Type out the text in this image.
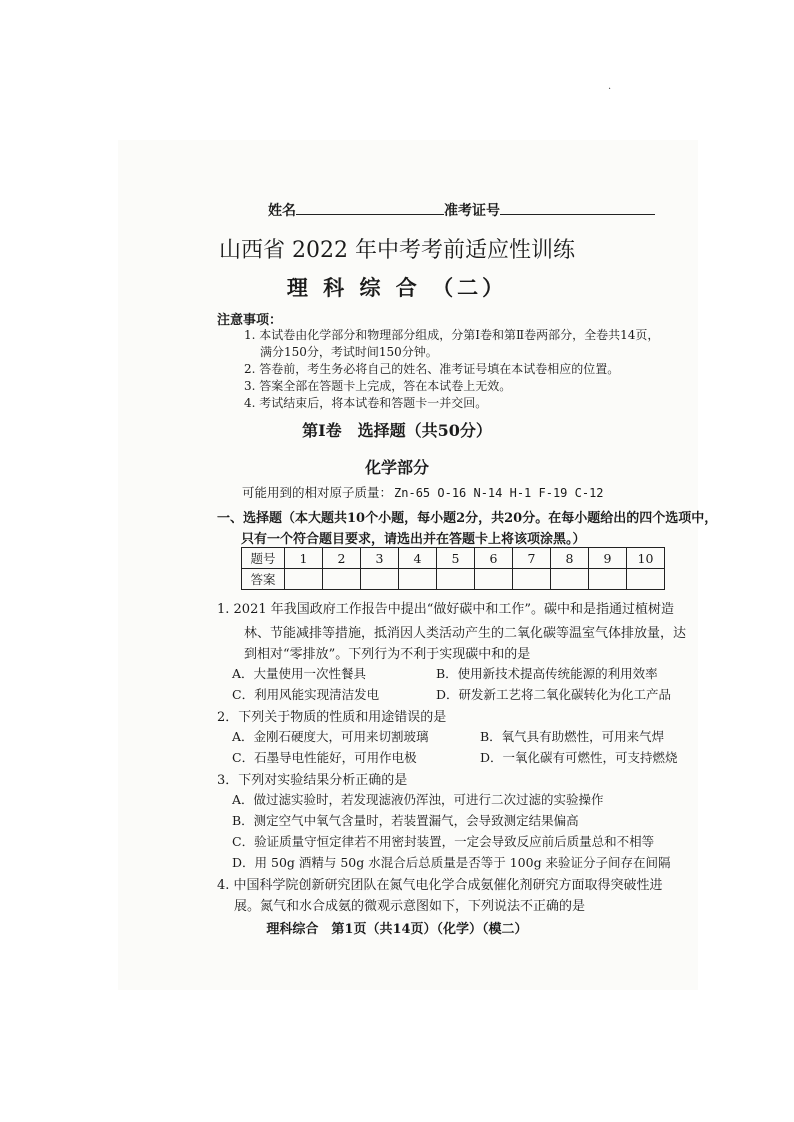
·
姓名	准考证号
山西省 2022 年中考考前适应性训练
理 科 综 合 （二）
注意事项：
1. 本试卷由化学部分和物理部分组成，分第Ⅰ卷和第Ⅱ卷两部分，全卷共14页，
满分150分，考试时间150分钟。
2. 答卷前，考生务必将自己的姓名、准考证号填在本试卷相应的位置。
3. 答案全部在答题卡上完成，答在本试卷上无效。
4. 考试结束后，将本试卷和答题卡一并交回。
第Ⅰ卷　选择题（共50分）
化学部分
可能用到的相对原子质量： Zn-65 O-16 N-14 H-1 F-19 C-12
一、选择题（本大题共10个小题，每小题2分，共20分。在每小题给出的四个选项中，
只有一个符合题目要求，请选出并在答题卡上将该项涂黑。）
题号	1	2	3	4	5	6	7	8	9	10
答案										
1. 2021 年我国政府工作报告中提出“做好碳中和工作”。碳中和是指通过植树造
林、节能减排等措施，抵消因人类活动产生的二氧化碳等温室气体排放量，达
到相对“零排放”。下列行为不利于实现碳中和的是
A．大量使用一次性餐具	B．使用新技术提高传统能源的利用效率
C．利用风能实现清洁发电	D．研发新工艺将二氧化碳转化为化工产品
2．下列关于物质的性质和用途错误的是
A．金刚石硬度大，可用来切割玻璃	B．氧气具有助燃性，可用来气焊
C．石墨导电性能好，可用作电极	D．一氧化碳有可燃性，可支持燃烧
3．下列对实验结果分析正确的是
A．做过滤实验时，若发现滤液仍浑浊，可进行二次过滤的实验操作
B．测定空气中氧气含量时，若装置漏气，会导致测定结果偏高
C．验证质量守恒定律若不用密封装置，一定会导致反应前后质量总和不相等
D．用 50g 酒精与 50g 水混合后总质量是否等于 100g 来验证分子间存在间隔
4. 中国科学院创新研究团队在氮气电化学合成氨催化剂研究方面取得突破性进
展。氮气和水合成氨的微观示意图如下，下列说法不正确的是
理科综合　第1页（共14页）（化学）（模二）
